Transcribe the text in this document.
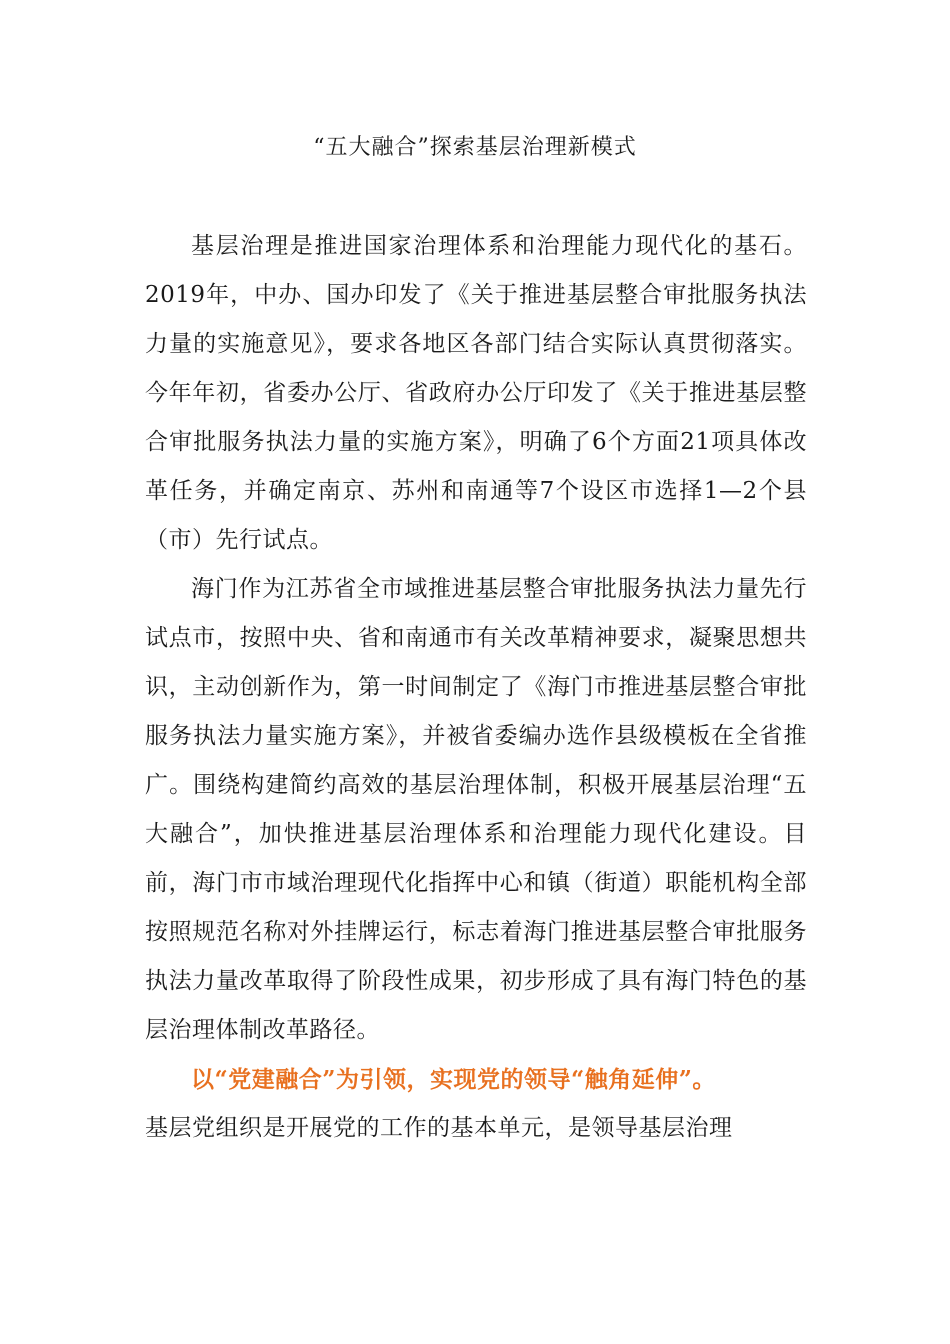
“五大融合”探索基层治理新模式

基层治理是推进国家治理体系和治理能力现代化的基石。2019年，中办、国办印发了《关于推进基层整合审批服务执法力量的实施意见》，要求各地区各部门结合实际认真贯彻落实。今年年初，省委办公厅、省政府办公厅印发了《关于推进基层整合审批服务执法力量的实施方案》，明确了6个方面21项具体改革任务，并确定南京、苏州和南通等7个设区市选择1—2个县（市）先行试点。

海门作为江苏省全市域推进基层整合审批服务执法力量先行试点市，按照中央、省和南通市有关改革精神要求，凝聚思想共识，主动创新作为，第一时间制定了《海门市推进基层整合审批服务执法力量实施方案》，并被省委编办选作县级模板在全省推广。围绕构建简约高效的基层治理体制，积极开展基层治理“五大融合”，加快推进基层治理体系和治理能力现代化建设。目前，海门市市域治理现代化指挥中心和镇（街道）职能机构全部按照规范名称对外挂牌运行，标志着海门推进基层整合审批服务执法力量改革取得了阶段性成果，初步形成了具有海门特色的基层治理体制改革路径。

以“党建融合”为引领，实现党的领导“触角延伸”。

基层党组织是开展党的工作的基本单元，是领导基层治理
